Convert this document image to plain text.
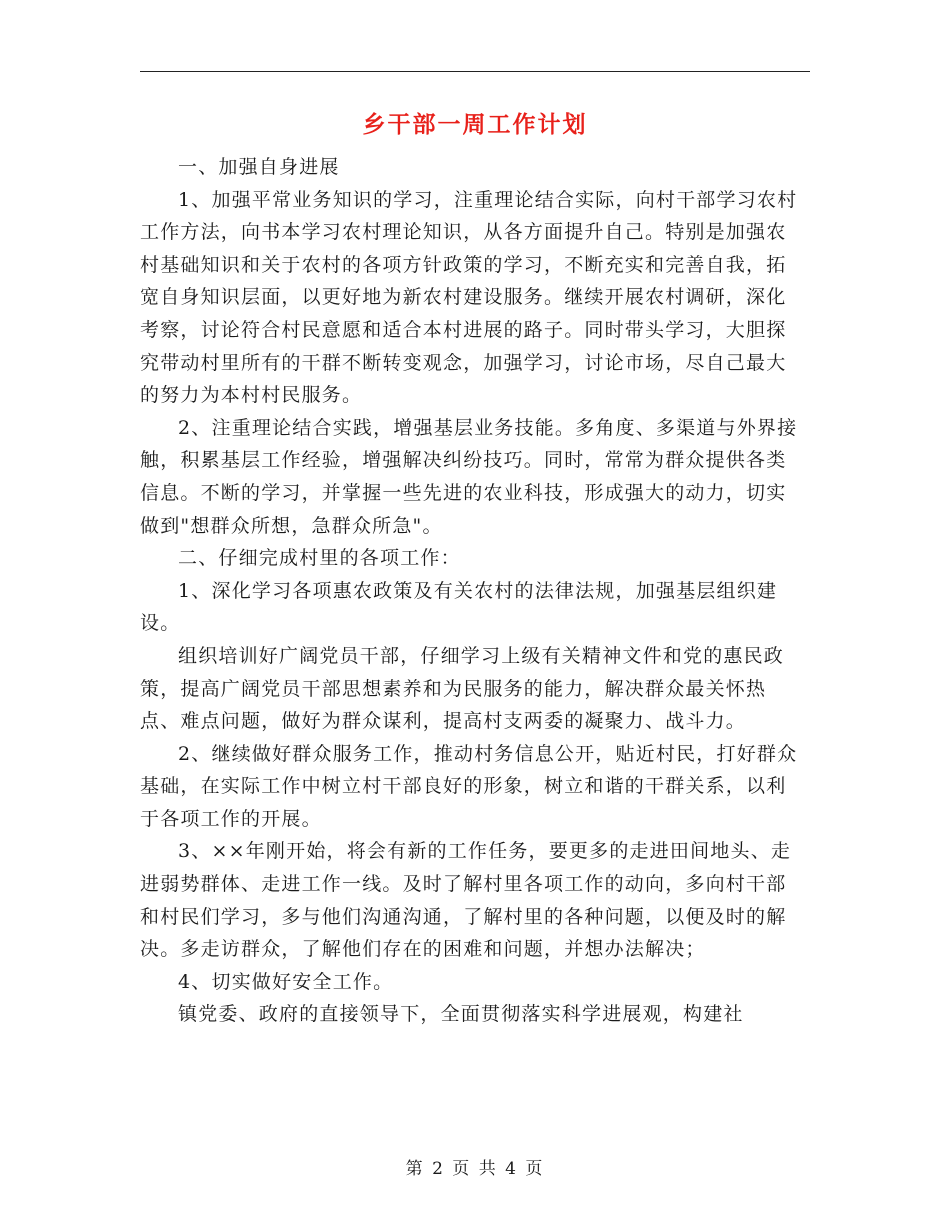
乡干部一周工作计划

一、加强自身进展

1、加强平常业务知识的学习，注重理论结合实际，向村干部学习农村工作方法，向书本学习农村理论知识，从各方面提升自己。特别是加强农村基础知识和关于农村的各项方针政策的学习，不断充实和完善自我，拓宽自身知识层面，以更好地为新农村建设服务。继续开展农村调研，深化考察，讨论符合村民意愿和适合本村进展的路子。同时带头学习，大胆探究带动村里所有的干群不断转变观念，加强学习，讨论市场，尽自己最大的努力为本村村民服务。

2、注重理论结合实践，增强基层业务技能。多角度、多渠道与外界接触，积累基层工作经验，增强解决纠纷技巧。同时，常常为群众提供各类信息。不断的学习，并掌握一些先进的农业科技，形成强大的动力，切实做到"想群众所想，急群众所急"。

二、仔细完成村里的各项工作：

1、深化学习各项惠农政策及有关农村的法律法规，加强基层组织建设。

组织培训好广阔党员干部，仔细学习上级有关精神文件和党的惠民政策，提高广阔党员干部思想素养和为民服务的能力，解决群众最关怀热点、难点问题，做好为群众谋利，提高村支两委的凝聚力、战斗力。

2、继续做好群众服务工作，推动村务信息公开，贴近村民，打好群众基础，在实际工作中树立村干部良好的形象，树立和谐的干群关系，以利于各项工作的开展。

3、××年刚开始，将会有新的工作任务，要更多的走进田间地头、走进弱势群体、走进工作一线。及时了解村里各项工作的动向，多向村干部和村民们学习，多与他们沟通沟通，了解村里的各种问题，以便及时的解决。多走访群众，了解他们存在的困难和问题，并想办法解决；

4、切实做好安全工作。

镇党委、政府的直接领导下，全面贯彻落实科学进展观，构建社

第 2 页 共 4 页
